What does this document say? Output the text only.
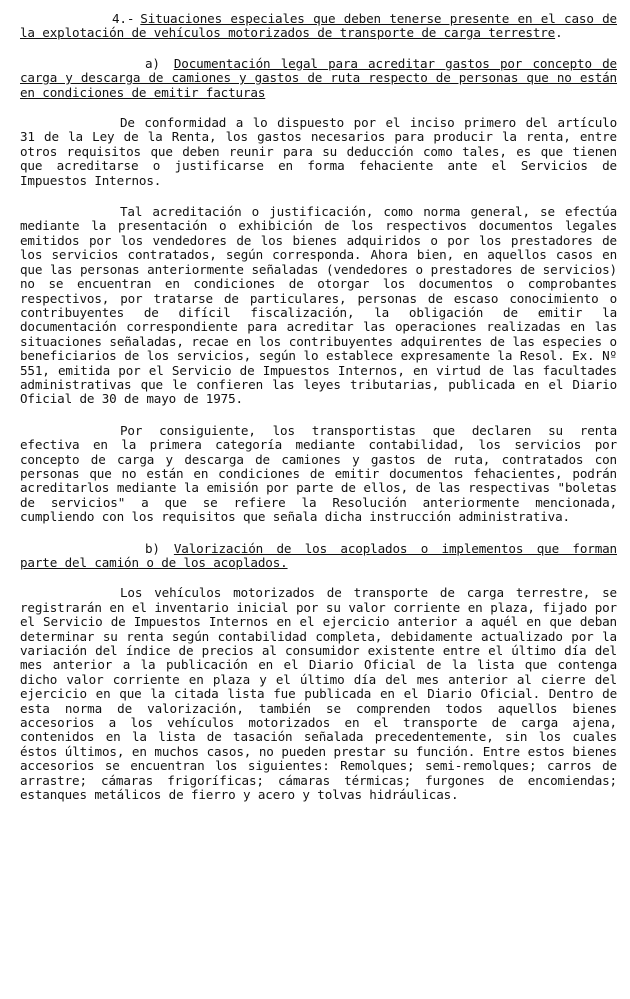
4.- Situaciones especiales que deben tenerse presente en el caso de la explotación de vehículos motorizados de transporte de carga terrestre.

a) Documentación legal para acreditar gastos por concepto de carga y descarga de camiones y gastos de ruta respecto de personas que no están en condiciones de emitir facturas

De conformidad a lo dispuesto por el inciso primero del artículo 31 de la Ley de la Renta, los gastos necesarios para producir la renta, entre otros requisitos que deben reunir para su deducción como tales, es que tienen que acreditarse o justificarse en forma fehaciente ante el Servicios de Impuestos Internos.

Tal acreditación o justificación, como norma general, se efectúa mediante la presentación o exhibición de los respectivos documentos legales emitidos por los vendedores de los bienes adquiridos o por los prestadores de los servicios contratados, según corresponda. Ahora bien, en aquellos casos en que las personas anteriormente señaladas (vendedores o prestadores de servicios) no se encuentran en condiciones de otorgar los documentos o comprobantes respectivos, por tratarse de particulares, personas de escaso conocimiento o contribuyentes de difícil fiscalización, la obligación de emitir la documentación correspondiente para acreditar las operaciones realizadas en las situaciones señaladas, recae en los contribuyentes adquirentes de las especies o beneficiarios de los servicios, según lo establece expresamente la Resol. Ex. Nº 551, emitida por el Servicio de Impuestos Internos, en virtud de las facultades administrativas que le confieren las leyes tributarias, publicada en el Diario Oficial de 30 de mayo de 1975.

Por consiguiente, los transportistas que declaren su renta efectiva en la primera categoría mediante contabilidad, los servicios por concepto de carga y descarga de camiones y gastos de ruta, contratados con personas que no están en condiciones de emitir documentos fehacientes, podrán acreditarlos mediante la emisión por parte de ellos, de las respectivas "boletas de servicios" a que se refiere la Resolución anteriormente mencionada, cumpliendo con los requisitos que señala dicha instrucción administrativa.

b) Valorización de los acoplados o implementos que forman parte del camión o de los acoplados.

Los vehículos motorizados de transporte de carga terrestre, se registrarán en el inventario inicial por su valor corriente en plaza, fijado por el Servicio de Impuestos Internos en el ejercicio anterior a aquél en que deban determinar su renta según contabilidad completa, debidamente actualizado por la variación del índice de precios al consumidor existente entre el último día del mes anterior a la publicación en el Diario Oficial de la lista que contenga dicho valor corriente en plaza y el último día del mes anterior al cierre del ejercicio en que la citada lista fue publicada en el Diario Oficial. Dentro de esta norma de valorización, también se comprenden todos aquellos bienes accesorios a los vehículos motorizados en el transporte de carga ajena, contenidos en la lista de tasación señalada precedentemente, sin los cuales éstos últimos, en muchos casos, no pueden prestar su función. Entre estos bienes accesorios se encuentran los siguientes: Remolques; semi-remolques; carros de arrastre; cámaras frigoríficas; cámaras térmicas; furgones de encomiendas; estanques metálicos de fierro y acero y tolvas hidráulicas.
